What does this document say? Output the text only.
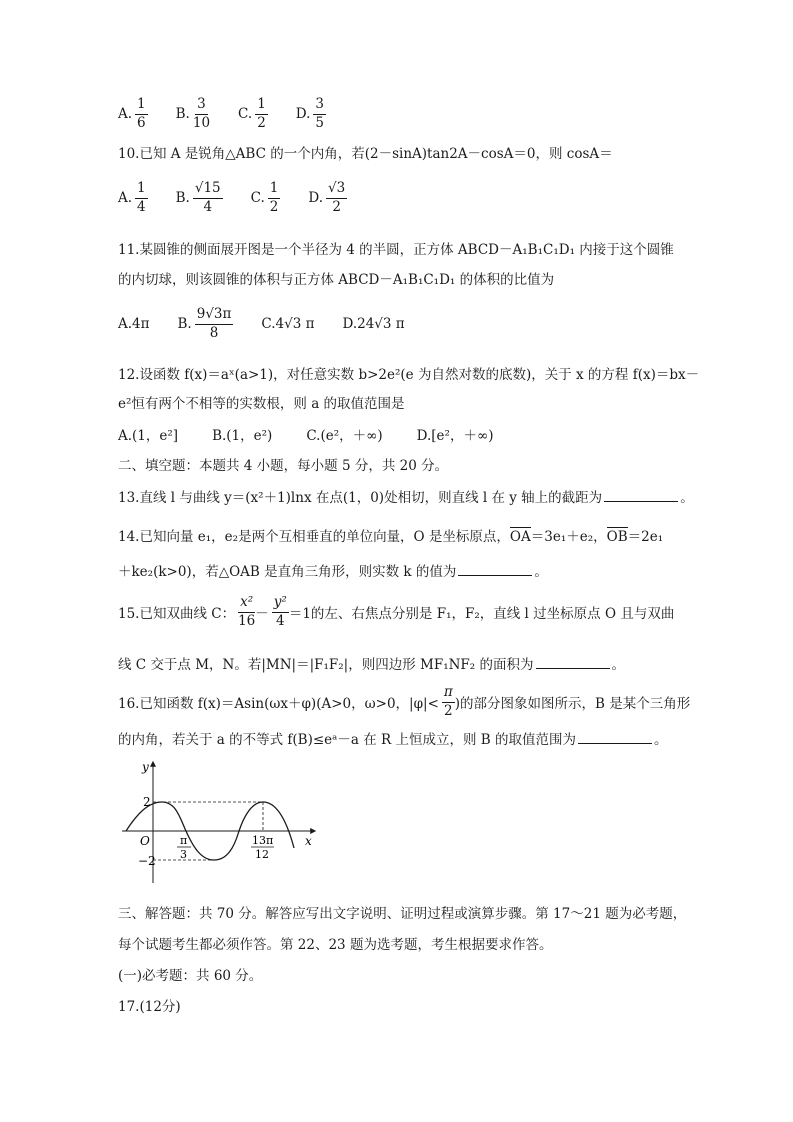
A. $\frac{1}{6} B$. $\frac{3}{10} C$. $\frac{1}{2} D$. $\frac{3}{5}$
10.已知 A 是锐角△ABC 的一个内角，若(2－sinA)tan2A－cosA＝0，则 cosA＝
A. $\frac{1}{4} B$. $\frac{√15}{4} C$. $\frac{1}{2} D$. $\frac{√3}{2}$
11.某圆锥的侧面展开图是一个半径为 4 的半圆，正方体 ABCD－A₁B₁C₁D₁ 内接于这个圆锥
的内切球，则该圆锥的体积与正方体 ABCD－A₁B₁C₁D₁ 的体积的比值为
A.4π B. $\frac{9√3\pi}{8} C.4√3$ π D.24√3 π
12.设函数 f(x)＝aˣ(a>1)，对任意实数 b>2e²(e 为自然对数的底数)，关于 x 的方程 f(x)＝bx－
e²恒有两个不相等的实数根，则 a 的取值范围是
A.(1，e²]	B.(1，e²)	C.(e²，＋∞)	D.[e²，＋∞)
二、填空题：本题共 4 小题，每小题 5 分，共 20 分。
13.直线 l 与曲线 y＝(x²＋1)lnx 在点(1，0)处相切，则直线 l 在 y 轴上的截距为	。
14.已知向量 e₁，e₂是两个互相垂直的单位向量，O 是坐标原点，OA＝3e₁＋e₂，OB＝2e₁
＋ke₂(k>0)，若△OAB 是直角三角形，则实数 k 的值为	。
15.已知双曲线 C： $\frac{\text{x²}}{16} - \frac{\text{y²}}{4} =1$的左、右焦点分别是 F₁，F₂，直线 l 过坐标原点 O 且与双曲
线 C 交于点 M，N。若|MN|＝|F₁F₂|，则四边形 MF₁NF₂ 的面积为	。
16.已知函数 f(x)＝Asin(ωx＋φ)(A>0，ω>0，$|\varphi|< \frac{\pi}{2}$ )的部分图象如图所示，B 是某个三角形
的内角，若关于 a 的不等式 f(B)≤eᵃ－a 在 R 上恒成立，则 B 的取值范围为	。
y
x
O
2
−2
π
3
13π
12
三、解答题：共 70 分。解答应写出文字说明、证明过程或演算步骤。第 17～21 题为必考题，
每个试题考生都必须作答。第 22、23 题为选考题，考生根据要求作答。
(一)必考题：共 60 分。
17.(12分)
